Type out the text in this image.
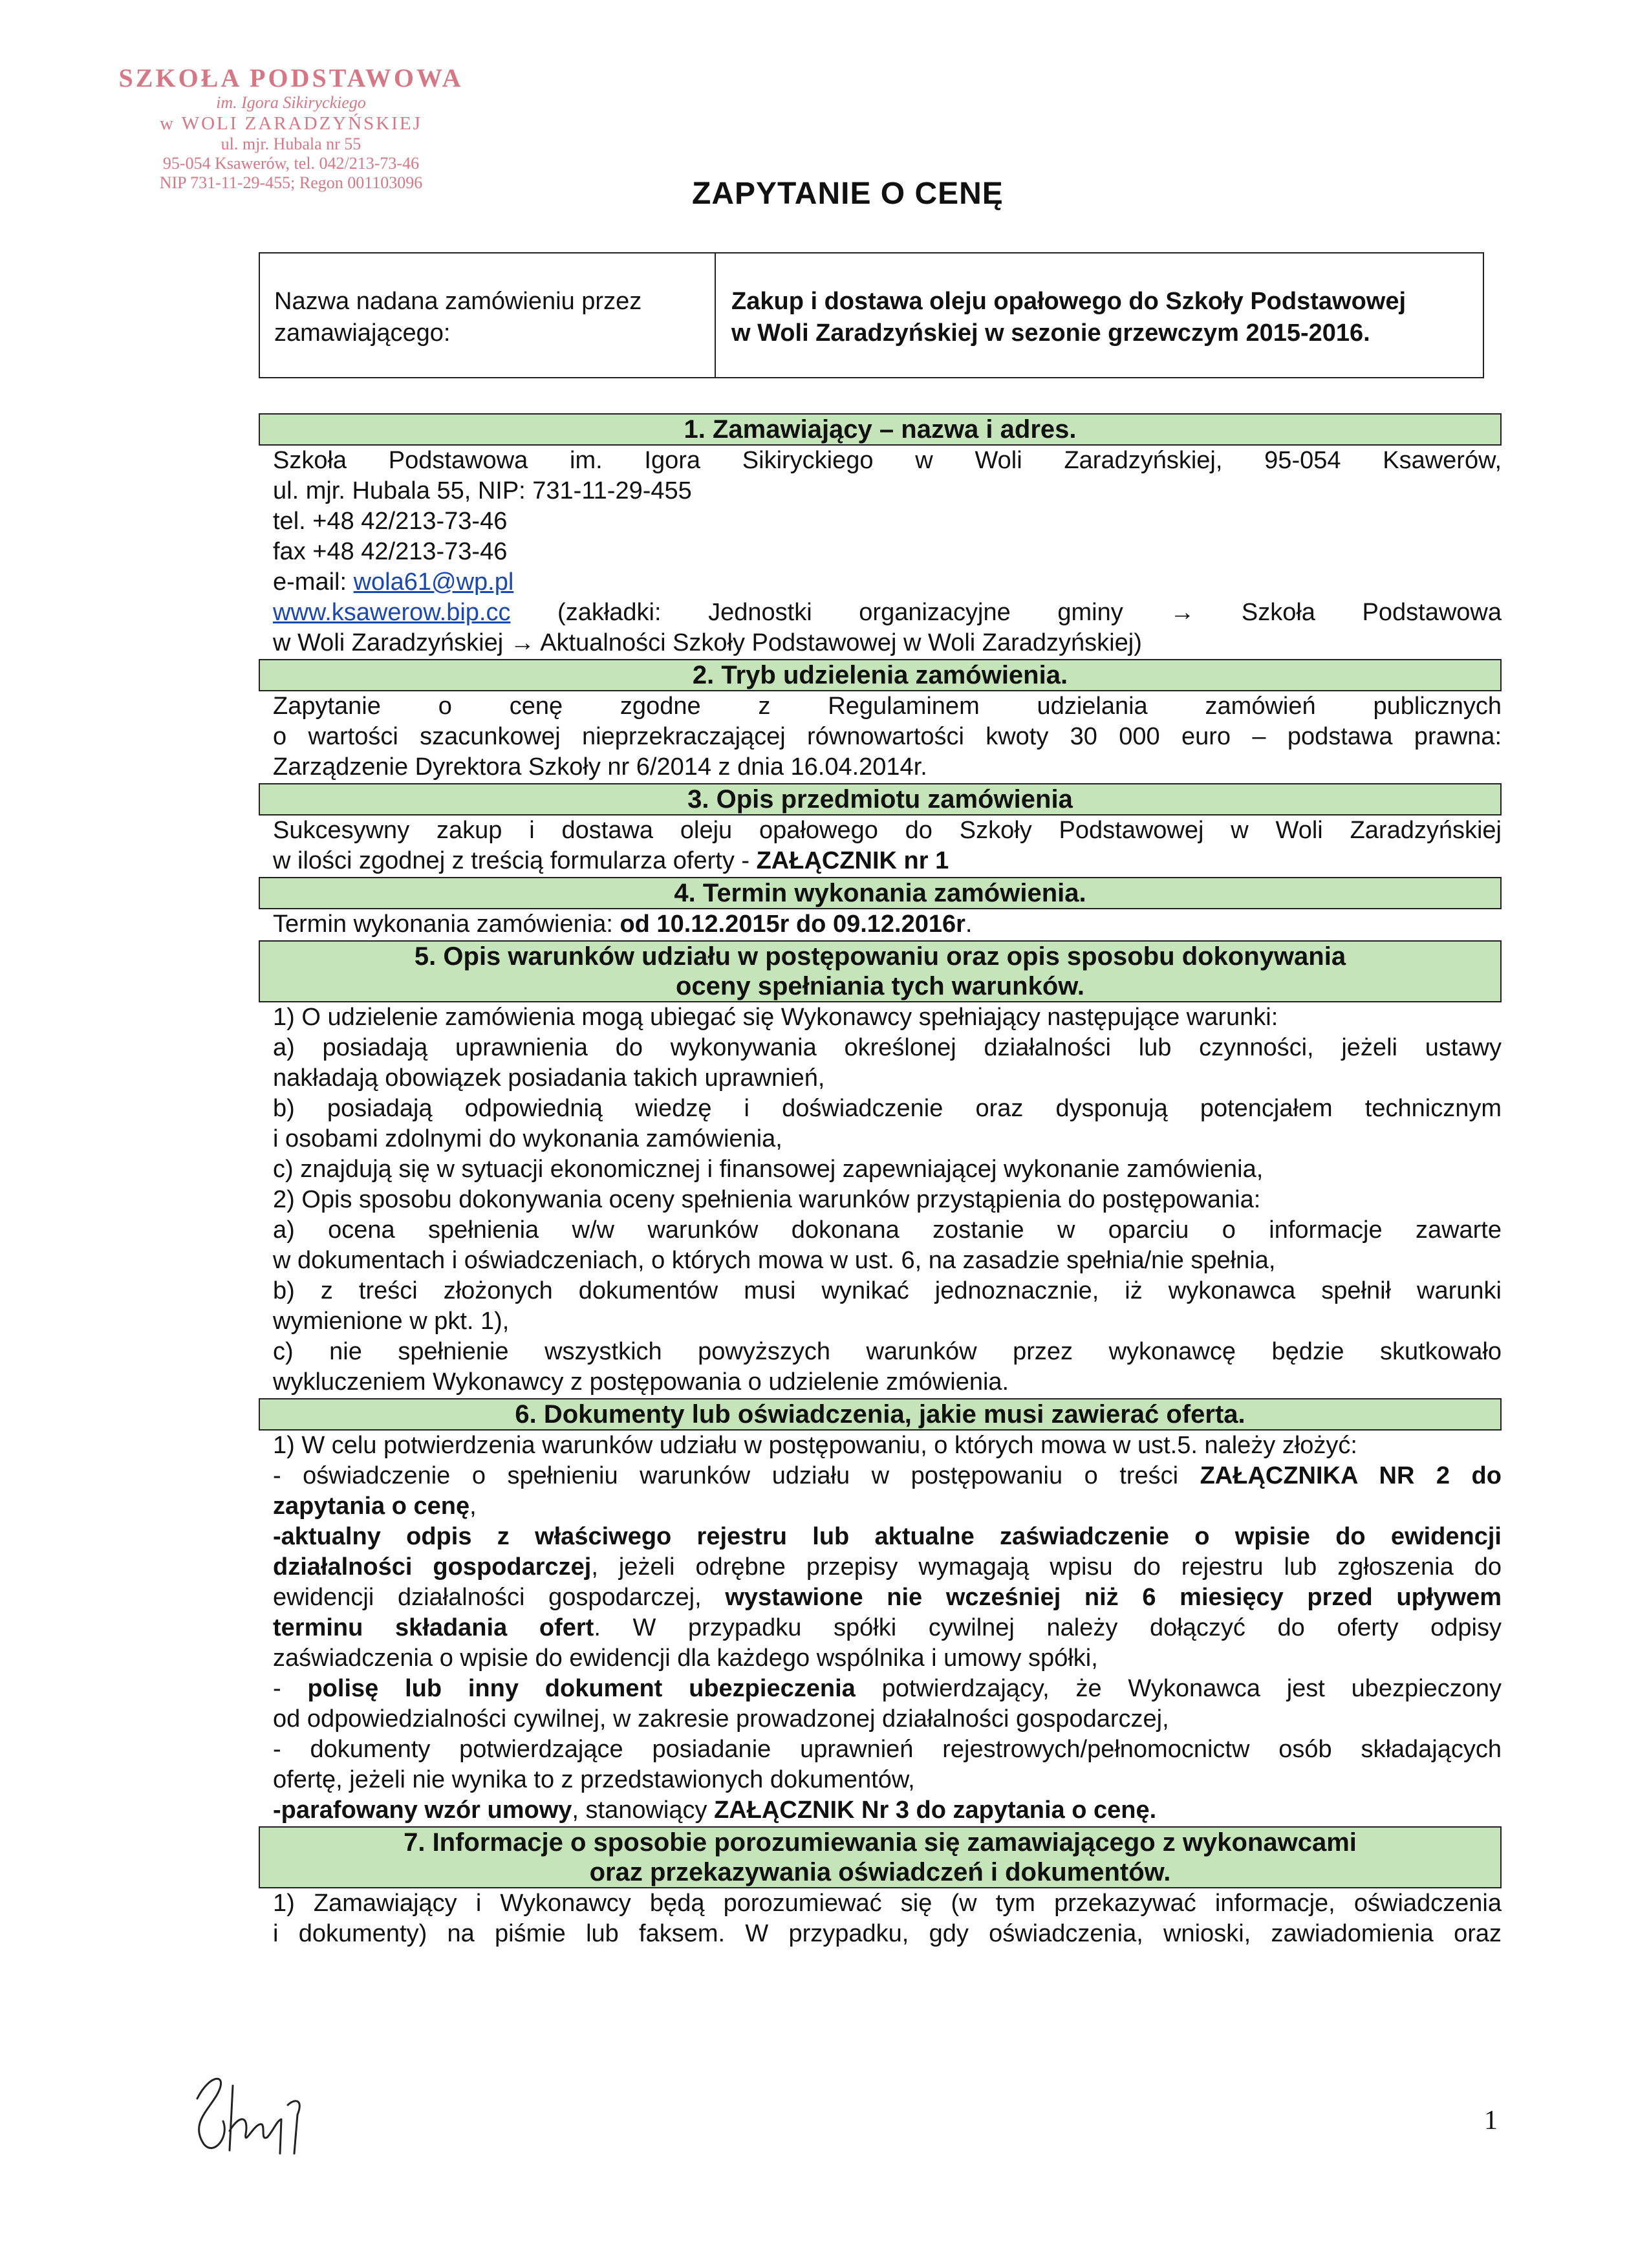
SZKOŁA PODSTAWOWA
im. Igora Sikiryckiego
w WOLI ZARADZYŃSKIEJ
ul. mjr. Hubala nr 55
95-054 Ksawerów, tel. 042/213-73-46
NIP 731-11-29-455; Regon 001103096	ZAPYTANIE O CENĘ
Nazwa nadana zamówieniu przez zamawiającego:
Zakup i dostawa oleju opałowego do Szkoły Podstawowej
w Woli Zaradzyńskiej w sezonie grzewczym 2015-2016.
1. Zamawiający – nazwa i adres.
Szkoła Podstawowa im. Igora Sikiryckiego w Woli Zaradzyńskiej, 95-054 Ksawerów,
ul. mjr. Hubala 55, NIP: 731-11-29-455
tel. +48 42/213-73-46
fax +48 42/213-73-46
e-mail: wola61@wp.pl
www.ksawerow.bip.cc (zakładki: Jednostki organizacyjne gminy → Szkoła Podstawowa
w Woli Zaradzyńskiej → Aktualności Szkoły Podstawowej w Woli Zaradzyńskiej)
2. Tryb udzielenia zamówienia.
Zapytanie o cenę zgodne z Regulaminem udzielania zamówień publicznych
o wartości szacunkowej nieprzekraczającej równowartości kwoty 30 000 euro – podstawa prawna:
Zarządzenie Dyrektora Szkoły nr 6/2014 z dnia 16.04.2014r.
3. Opis przedmiotu zamówienia
Sukcesywny zakup i dostawa oleju opałowego do Szkoły Podstawowej w Woli Zaradzyńskiej
w ilości zgodnej z treścią formularza oferty - ZAŁĄCZNIK nr 1
4. Termin wykonania zamówienia.
Termin wykonania zamówienia: od 10.12.2015r do 09.12.2016r.
5. Opis warunków udziału w postępowaniu oraz opis sposobu dokonywania
oceny spełniania tych warunków.
1) O udzielenie zamówienia mogą ubiegać się Wykonawcy spełniający następujące warunki:
a) posiadają uprawnienia do wykonywania określonej działalności lub czynności, jeżeli ustawy
nakładają obowiązek posiadania takich uprawnień,
b) posiadają odpowiednią wiedzę i doświadczenie oraz dysponują potencjałem technicznym
i osobami zdolnymi do wykonania zamówienia,
c) znajdują się w sytuacji ekonomicznej i finansowej zapewniającej wykonanie zamówienia,
2) Opis sposobu dokonywania oceny spełnienia warunków przystąpienia do postępowania:
a) ocena spełnienia w/w warunków dokonana zostanie w oparciu o informacje zawarte
w dokumentach i oświadczeniach, o których mowa w ust. 6, na zasadzie spełnia/nie spełnia,
b) z treści złożonych dokumentów musi wynikać jednoznacznie, iż wykonawca spełnił warunki
wymienione w pkt. 1),
c) nie spełnienie wszystkich powyższych warunków przez wykonawcę będzie skutkowało
wykluczeniem Wykonawcy z postępowania o udzielenie zmówienia.
6. Dokumenty lub oświadczenia, jakie musi zawierać oferta.
1) W celu potwierdzenia warunków udziału w postępowaniu, o których mowa w ust.5. należy złożyć:
- oświadczenie o spełnieniu warunków udziału w postępowaniu o treści ZAŁĄCZNIKA NR 2 do
zapytania o cenę,
-aktualny odpis z właściwego rejestru lub aktualne zaświadczenie o wpisie do ewidencji
działalności gospodarczej, jeżeli odrębne przepisy wymagają wpisu do rejestru lub zgłoszenia do
ewidencji działalności gospodarczej, wystawione nie wcześniej niż 6 miesięcy przed upływem
terminu składania ofert. W przypadku spółki cywilnej należy dołączyć do oferty odpisy
zaświadczenia o wpisie do ewidencji dla każdego wspólnika i umowy spółki,
- polisę lub inny dokument ubezpieczenia potwierdzający, że Wykonawca jest ubezpieczony
od odpowiedzialności cywilnej, w zakresie prowadzonej działalności gospodarczej,
- dokumenty potwierdzające posiadanie uprawnień rejestrowych/pełnomocnictw osób składających
ofertę, jeżeli nie wynika to z przedstawionych dokumentów,
-parafowany wzór umowy, stanowiący ZAŁĄCZNIK Nr 3 do zapytania o cenę.
7. Informacje o sposobie porozumiewania się zamawiającego z wykonawcami
oraz przekazywania oświadczeń i dokumentów.
1) Zamawiający i Wykonawcy będą porozumiewać się (w tym przekazywać informacje, oświadczenia
i dokumenty) na piśmie lub faksem. W przypadku, gdy oświadczenia, wnioski, zawiadomienia oraz
1
